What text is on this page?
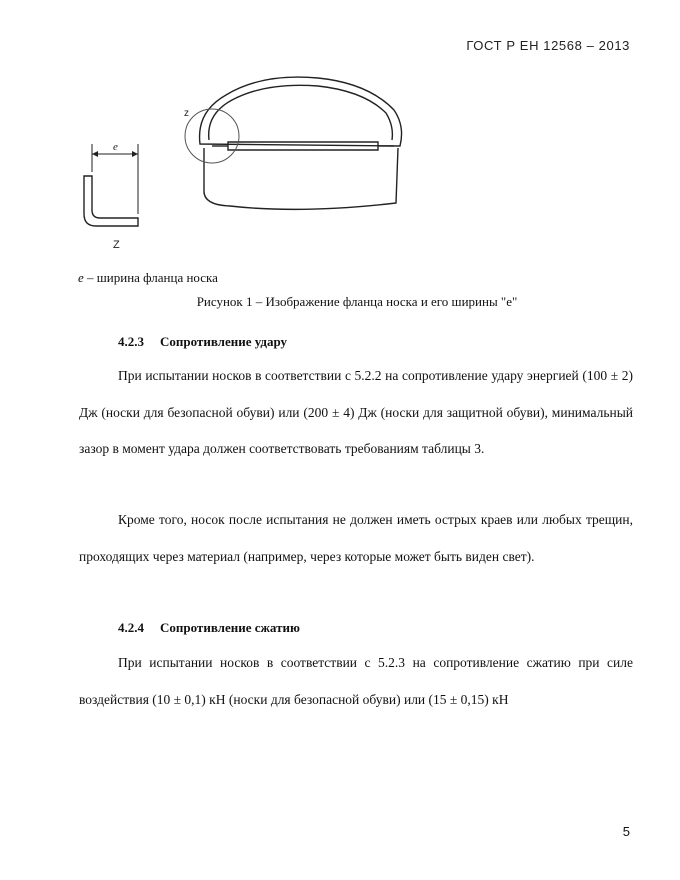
ГОСТ Р ЕН 12568 – 2013
e
z
Z
е – ширина фланца носка
Рисунок 1 – Изображение фланца носка и его ширины "е"
4.2.3 Сопротивление удару

При испытании носков в соответствии с 5.2.2 на сопротивление удару энергией (100 ± 2) Дж (носки для безопасной обуви) или (200 ± 4) Дж (носки для защитной обуви), минимальный зазор в момент удара должен соответствовать требованиям таблицы 3.

Кроме того, носок после испытания не должен иметь острых краев или любых трещин, проходящих через материал (например, через которые может быть виден свет).

4.2.4 Сопротивление сжатию

При испытании носков в соответствии с 5.2.3 на сопротивление сжатию при силе воздействия (10 ± 0,1) кН (носки для безопасной обуви) или (15 ± 0,15) кН

5
